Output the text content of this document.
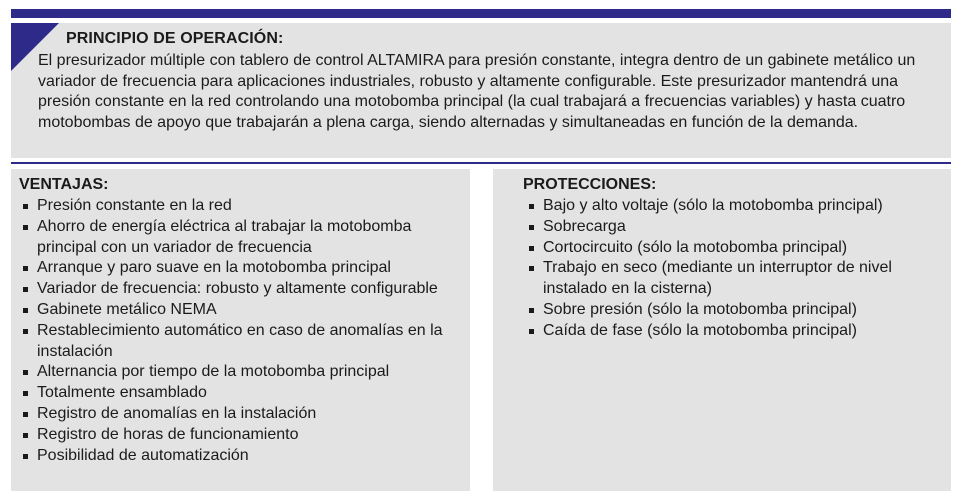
PRINCIPIO DE OPERACIÓN:

El presurizador múltiple con tablero de control ALTAMIRA para presión constante, integra dentro de un gabinete metálico un variador de frecuencia para aplicaciones industriales, robusto y altamente configurable. Este presurizador mantendrá una presión constante en la red controlando una motobomba principal (la cual trabajará a frecuencias variables) y hasta cuatro motobombas de apoyo que trabajarán a plena carga, siendo alternadas y simultaneadas en función de la demanda.

VENTAJAS:
Presión constante en la red
Ahorro de energía eléctrica al trabajar la motobomba principal con un variador de frecuencia
Arranque y paro suave en la motobomba principal
Variador de frecuencia: robusto y altamente configurable
Gabinete metálico NEMA
Restablecimiento automático en caso de anomalías en la instalación
Alternancia por tiempo de la motobomba principal
Totalmente ensamblado
Registro de anomalías en la instalación
Registro de horas de funcionamiento
Posibilidad de automatización
PROTECCIONES:
Bajo y alto voltaje (sólo la motobomba principal)
Sobrecarga
Cortocircuito (sólo la motobomba principal)
Trabajo en seco (mediante un interruptor de nivel instalado en la cisterna)
Sobre presión (sólo la motobomba principal)
Caída de fase (sólo la motobomba principal)
